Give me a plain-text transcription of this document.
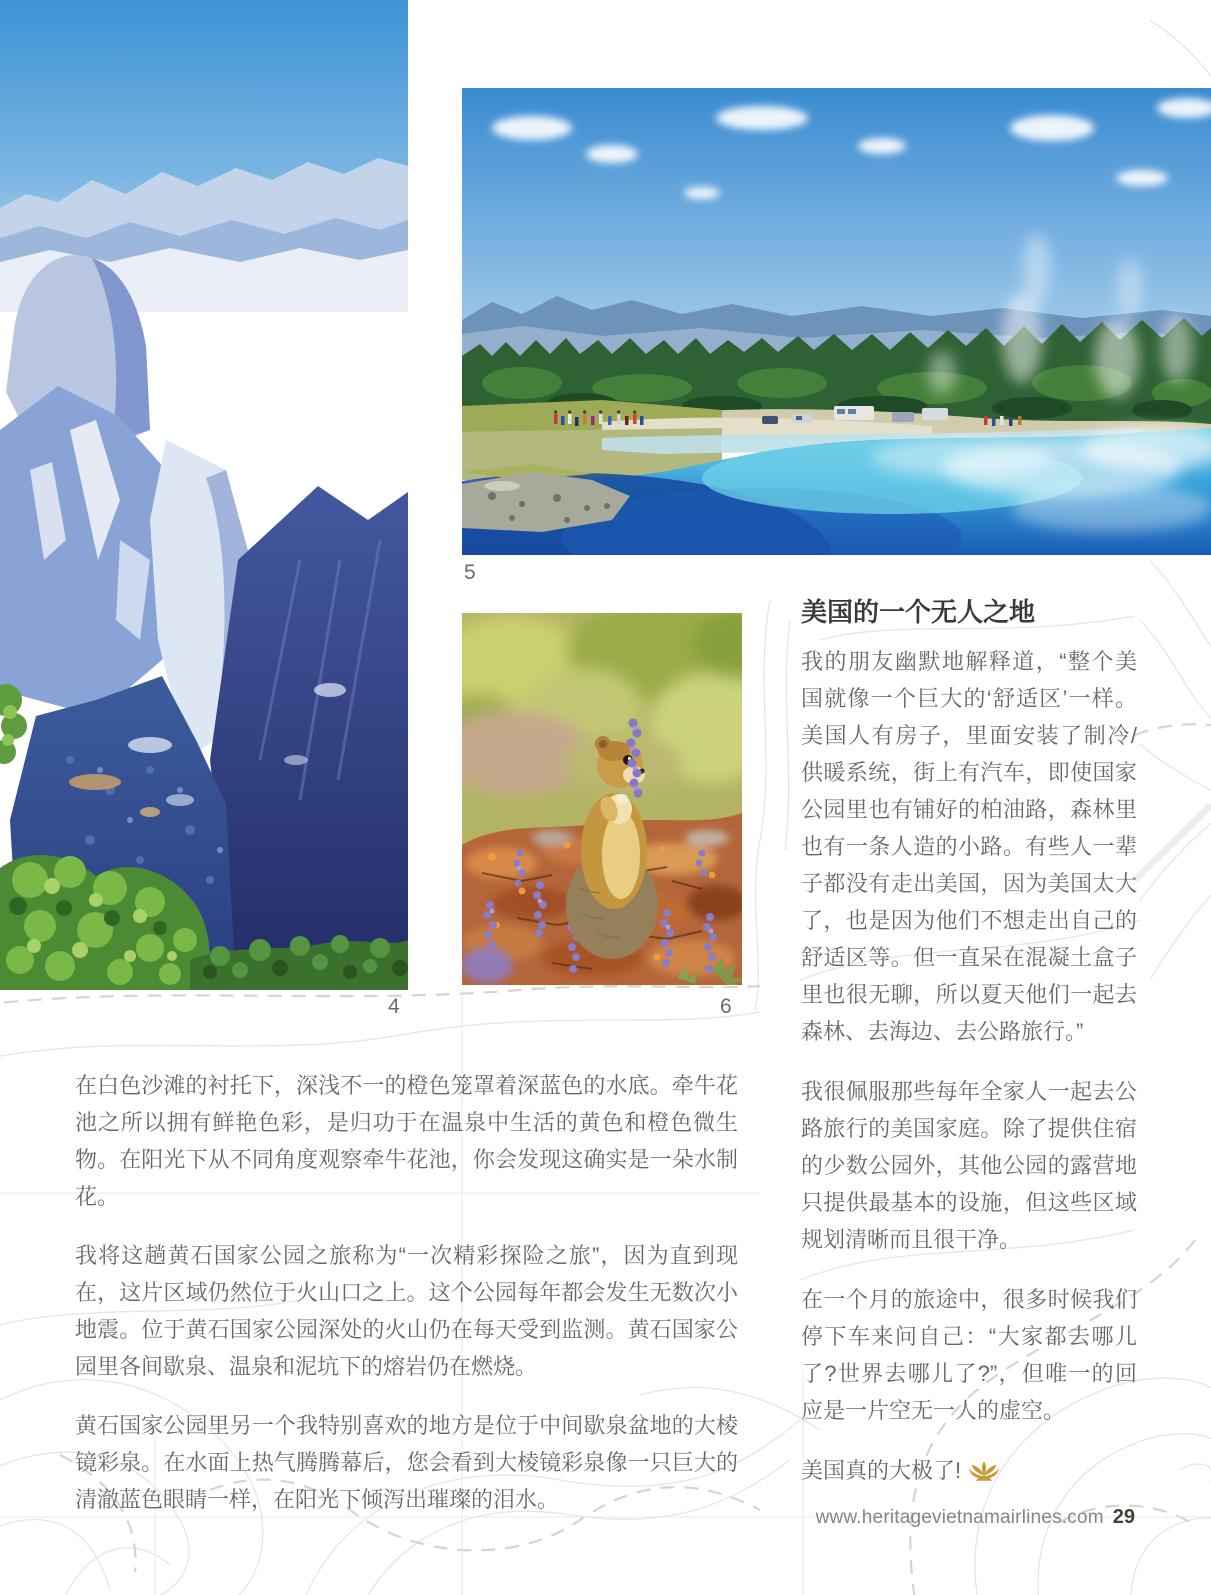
4
5
6
美国的一个无人之地

我的朋友幽默地解释道，“整个美国就像一个巨大的‘舒适区’一样。美国人有房子，里面安装了制冷/供暖系统，街上有汽车，即使国家公园里也有铺好的柏油路，森林里也有一条人造的小路。有些人一辈子都没有走出美国，因为美国太大了，也是因为他们不想走出自己的舒适区等。但一直呆在混凝土盒子里也很无聊，所以夏天他们一起去森林、去海边、去公路旅行。”

我很佩服那些每年全家人一起去公路旅行的美国家庭。除了提供住宿的少数公园外，其他公园的露营地只提供最基本的设施，但这些区域规划清晰而且很干净。

在一个月的旅途中，很多时候我们停下车来问自己：“大家都去哪儿了?世界去哪儿了?”，但唯一的回应是一片空无一人的虚空。

美国真的大极了!

在白色沙滩的衬托下，深浅不一的橙色笼罩着深蓝色的水底。牵牛花池之所以拥有鲜艳色彩，是归功于在温泉中生活的黄色和橙色微生物。在阳光下从不同角度观察牵牛花池，你会发现这确实是一朵水制花。

我将这趟黄石国家公园之旅称为“一次精彩探险之旅”，因为直到现在，这片区域仍然位于火山口之上。这个公园每年都会发生无数次小地震。位于黄石国家公园深处的火山仍在每天受到监测。黄石国家公园里各间歇泉、温泉和泥坑下的熔岩仍在燃烧。

黄石国家公园里另一个我特别喜欢的地方是位于中间歇泉盆地的大棱镜彩泉。在水面上热气腾腾幕后，您会看到大棱镜彩泉像一只巨大的清澈蓝色眼睛一样，在阳光下倾泻出璀璨的泪水。

www.heritagevietnamairlines.com 29
